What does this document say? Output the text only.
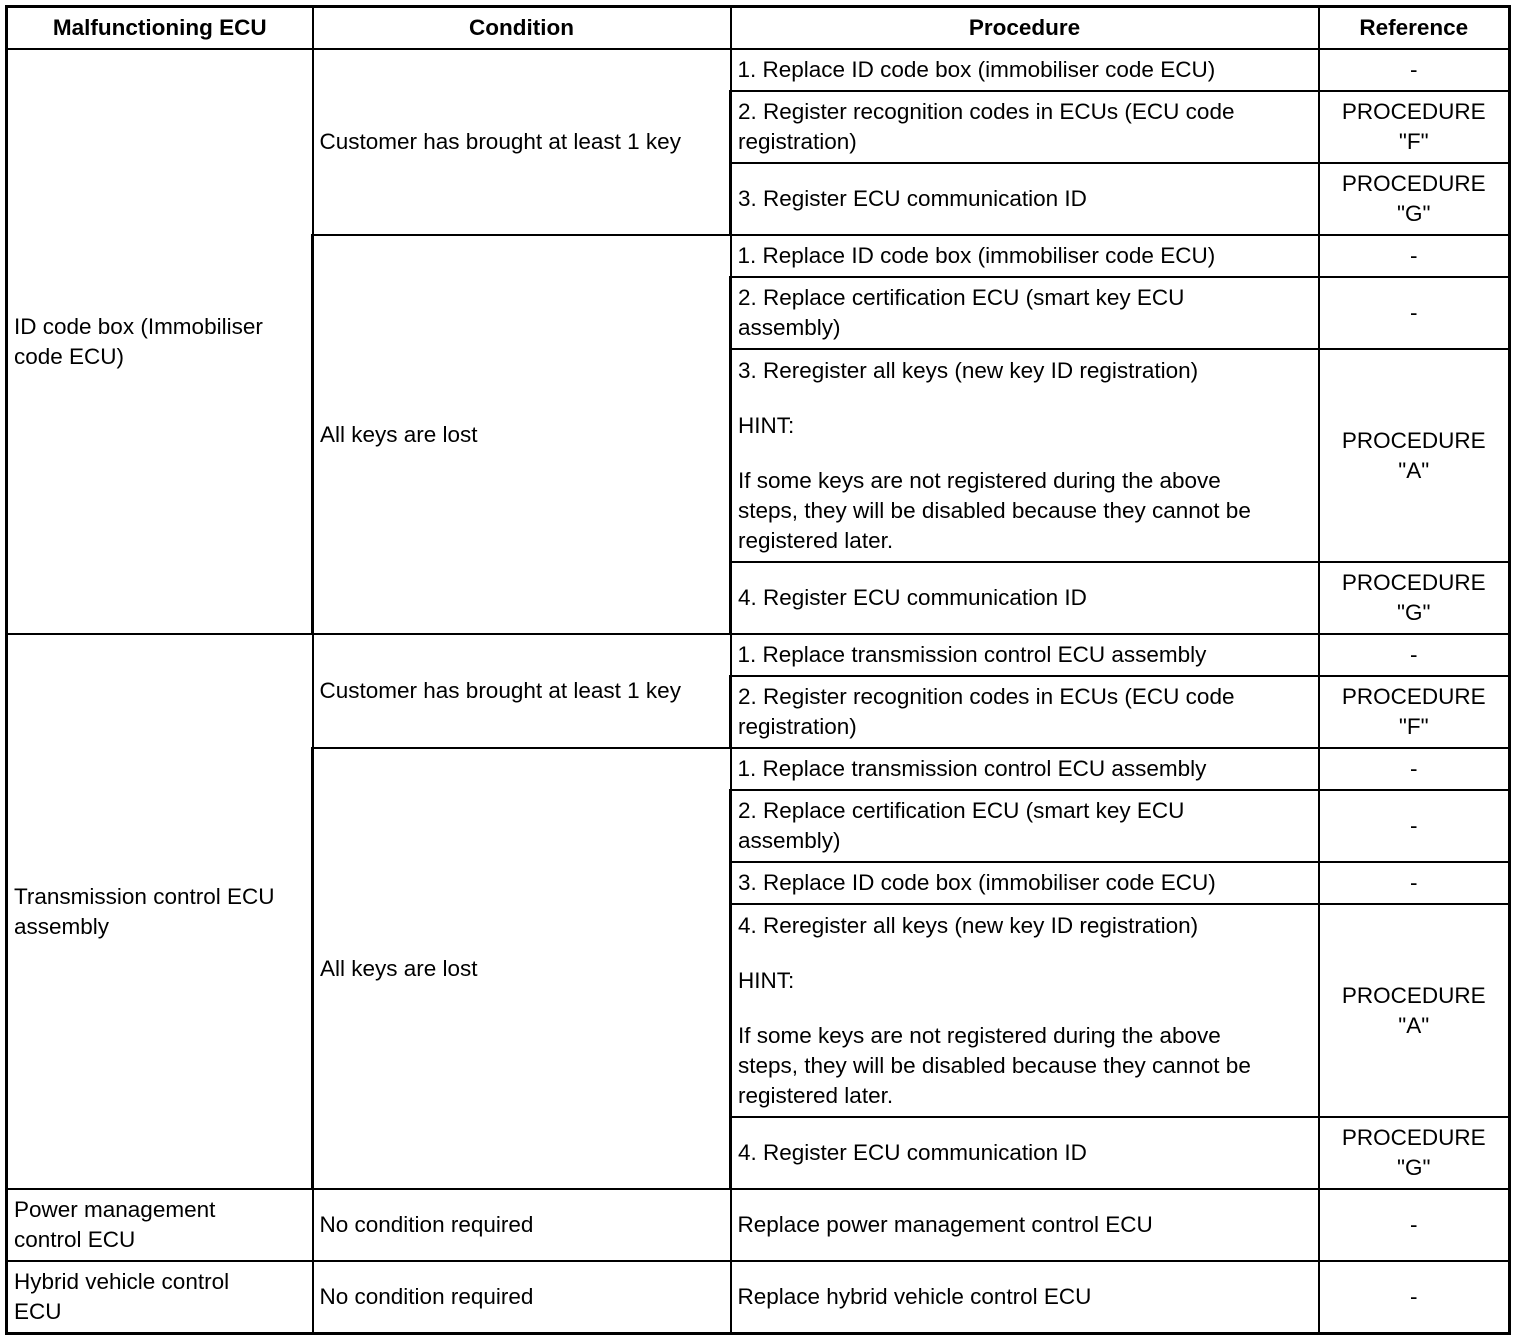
Malfunctioning ECU	Condition	Procedure	Reference

ID code box (Immobiliser
code ECU)	Customer has brought at least 1 key	1. Replace ID code box (immobiliser code ECU)	-

		2. Register recognition codes in ECUs (ECU code
registration)	PROCEDURE
"F"

		3. Register ECU communication ID	PROCEDURE
"G"

	All keys are lost	1. Replace ID code box (immobiliser code ECU)	-

		2. Replace certification ECU (smart key ECU
assembly)	-

		3. Reregister all keys (new key ID registration)
HINT:
If some keys are not registered during the above
steps, they will be disabled because they cannot be
registered later.	PROCEDURE
"A"

		4. Register ECU communication ID	PROCEDURE
"G"

Transmission control ECU
assembly	Customer has brought at least 1 key	1. Replace transmission control ECU assembly	-

		2. Register recognition codes in ECUs (ECU code
registration)	PROCEDURE
"F"

	All keys are lost	1. Replace transmission control ECU assembly	-

		2. Replace certification ECU (smart key ECU
assembly)	-

		3. Replace ID code box (immobiliser code ECU)	-

		4. Reregister all keys (new key ID registration)
HINT:
If some keys are not registered during the above
steps, they will be disabled because they cannot be
registered later.	PROCEDURE
"A"

		4. Register ECU communication ID	PROCEDURE
"G"

Power management
control ECU	No condition required	Replace power management control ECU	-

Hybrid vehicle control
ECU	No condition required	Replace hybrid vehicle control ECU	-
